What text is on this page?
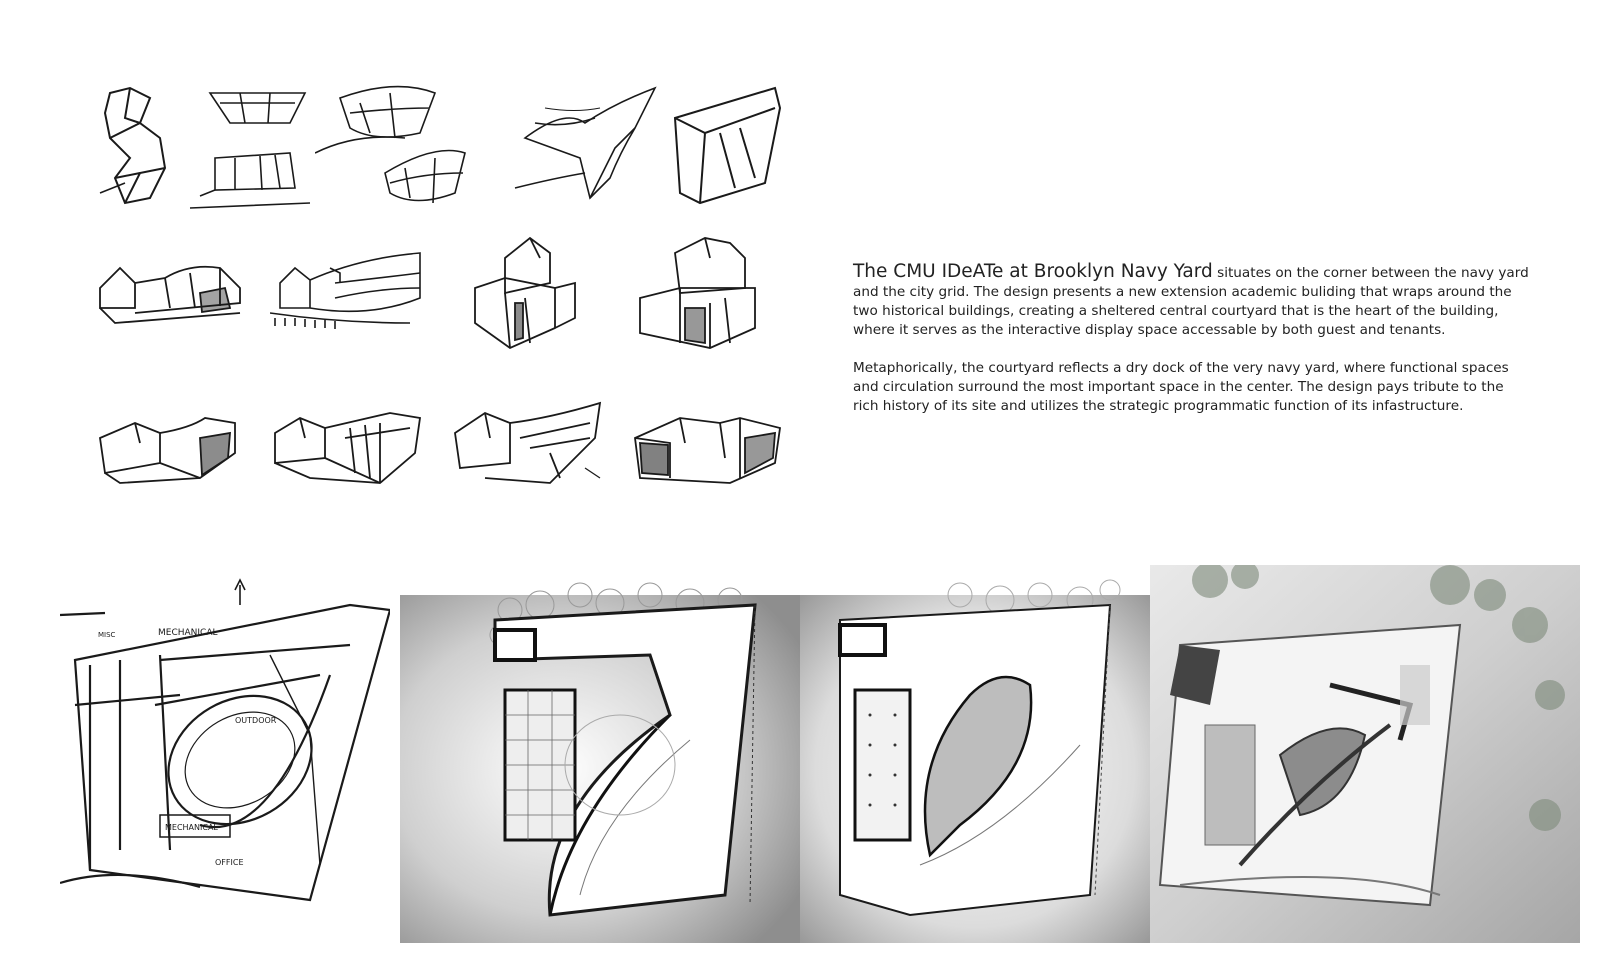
The CMU IDeATe at Brooklyn Navy Yard situates on the corner between the navy yard and the city grid. The design presents a new extension academic buliding that wraps around the two historical buildings, creating a sheltered central courtyard that is the heart of the building, where it serves as the interactive display space accessable by both guest and tenants.

Metaphorically, the courtyard reflects a dry dock of the very navy yard, where functional spaces and circulation surround the most important space in the center. The design pays tribute to the rich history of its site and utilizes the strategic programmatic function of its infastructure.

MECHANICAL
MISC
OUTDOOR
MECHANICAL
OFFICE
